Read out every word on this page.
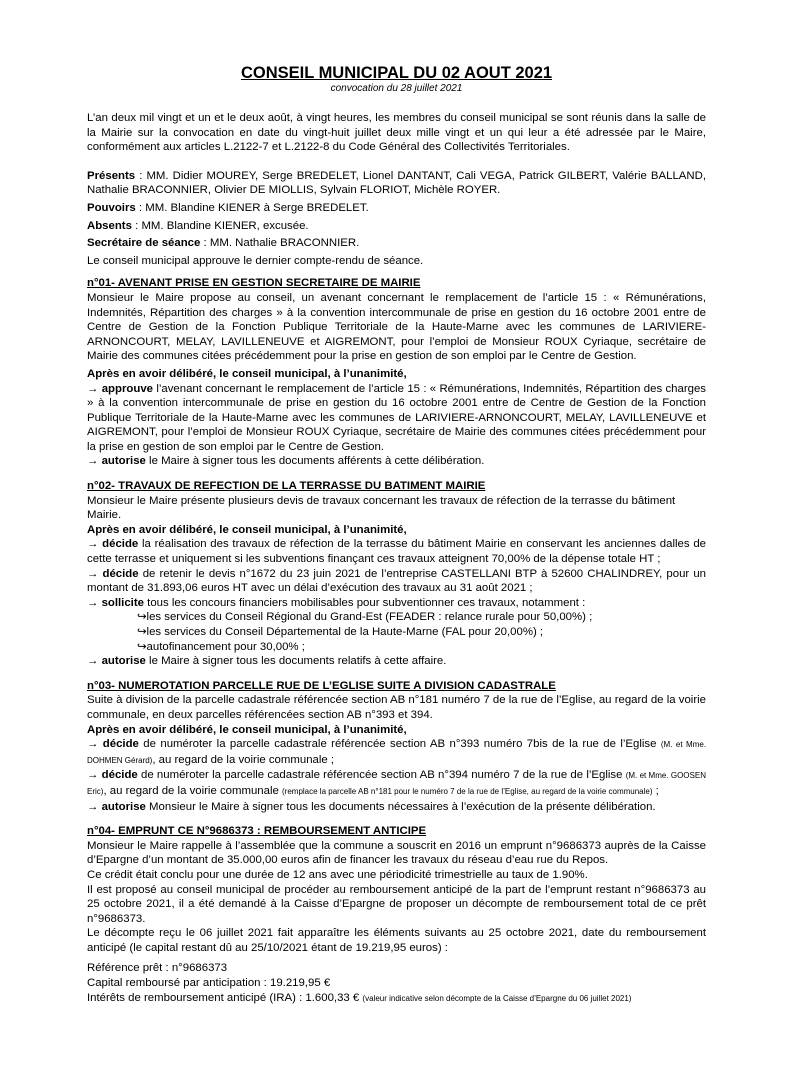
CONSEIL MUNICIPAL DU 02 AOUT 2021

convocation du 28 juillet 2021

L’an deux mil vingt et un et le deux août, à vingt heures, les membres du conseil municipal se sont réunis dans la salle de la Mairie sur la convocation en date du vingt-huit juillet deux mille vingt et un qui leur a été adressée par le Maire, conformément aux articles L.2122-7 et L.2122-8 du Code Général des Collectivités Territoriales.

Présents : MM. Didier MOUREY, Serge BREDELET, Lionel DANTANT, Cali VEGA, Patrick GILBERT, Valérie BALLAND, Nathalie BRACONNIER, Olivier DE MIOLLIS, Sylvain FLORIOT, Michèle ROYER.

Pouvoirs : MM. Blandine KIENER à Serge BREDELET.

Absents : MM. Blandine KIENER, excusée.

Secrétaire de séance : MM. Nathalie BRACONNIER.

Le conseil municipal approuve le dernier compte-rendu de séance.

n°01- AVENANT PRISE EN GESTION SECRETAIRE DE MAIRIE

Monsieur le Maire propose au conseil, un avenant concernant le remplacement de l’article 15 : « Rémunérations, Indemnités, Répartition des charges » à la convention intercommunale de prise en gestion du 16 octobre 2001 entre de Centre de Gestion de la Fonction Publique Territoriale de la Haute-Marne avec les communes de LARIVIERE-ARNONCOURT, MELAY, LAVILLENEUVE et AIGREMONT, pour l’emploi de Monsieur ROUX Cyriaque, secrétaire de Mairie des communes citées précédemment pour la prise en gestion de son emploi par le Centre de Gestion.

Après en avoir délibéré, le conseil municipal, à l’unanimité,

→ approuve l’avenant concernant le remplacement de l’article 15 : « Rémunérations, Indemnités, Répartition des charges » à la convention intercommunale de prise en gestion du 16 octobre 2001 entre de Centre de Gestion de la Fonction Publique Territoriale de la Haute-Marne avec les communes de LARIVIERE-ARNONCOURT, MELAY, LAVILLENEUVE et AIGREMONT, pour l’emploi de Monsieur ROUX Cyriaque, secrétaire de Mairie des communes citées précédemment pour la prise en gestion de son emploi par le Centre de Gestion.

→ autorise le Maire à signer tous les documents afférents à cette délibération.

n°02- TRAVAUX DE REFECTION DE LA TERRASSE DU BATIMENT MAIRIE

Monsieur le Maire présente plusieurs devis de travaux concernant les travaux de réfection de la terrasse du bâtiment Mairie.

Après en avoir délibéré, le conseil municipal, à l’unanimité,

→ décide la réalisation des travaux de réfection de la terrasse du bâtiment Mairie en conservant les anciennes dalles de cette terrasse et uniquement si les subventions finançant ces travaux atteignent 70,00% de la dépense totale HT ;

→ décide de retenir le devis n°1672 du 23 juin 2021 de l’entreprise CASTELLANI BTP à 52600 CHALINDREY, pour un montant de 31.893,06 euros HT avec un délai d’exécution des travaux au 31 août 2021 ;

→ sollicite tous les concours financiers mobilisables pour subventionner ces travaux, notamment :

↪les services du Conseil Régional du Grand-Est (FEADER : relance rurale pour 50,00%) ;

↪les services du Conseil Départemental de la Haute-Marne (FAL pour 20,00%) ;

↪autofinancement pour 30,00% ;

→ autorise le Maire à signer tous les documents relatifs à cette affaire.

n°03- NUMEROTATION PARCELLE RUE DE L’EGLISE SUITE A DIVISION CADASTRALE

Suite à division de la parcelle cadastrale référencée section AB n°181 numéro 7 de la rue de l’Eglise, au regard de la voirie communale, en deux parcelles référencées section AB n°393 et 394.

Après en avoir délibéré, le conseil municipal, à l’unanimité,

→ décide de numéroter la parcelle cadastrale référencée section AB n°393 numéro 7bis de la rue de l’Eglise (M. et Mme. DOHMEN Gérard), au regard de la voirie communale ;

→ décide de numéroter la parcelle cadastrale référencée section AB n°394 numéro 7 de la rue de l’Eglise (M. et Mme. GOOSEN Eric), au regard de la voirie communale (remplace la parcelle AB n°181 pour le numéro 7 de la rue de l’Eglise, au regard de la voirie communale) ;

→ autorise Monsieur le Maire à signer tous les documents nécessaires à l’exécution de la présente délibération.

n°04- EMPRUNT CE N°9686373 : REMBOURSEMENT ANTICIPE

Monsieur le Maire rappelle à l’assemblée que la commune a souscrit en 2016 un emprunt n°9686373 auprès de la Caisse d’Epargne d’un montant de 35.000,00 euros afin de financer les travaux du réseau d’eau rue du Repos.

Ce crédit était conclu pour une durée de 12 ans avec une périodicité trimestrielle au taux de 1.90%.

Il est proposé au conseil municipal de procéder au remboursement anticipé de la part de l’emprunt restant n°9686373 au 25 octobre 2021, il a été demandé à la Caisse d’Epargne de proposer un décompte de remboursement total de ce prêt n°9686373.

Le décompte reçu le 06 juillet 2021 fait apparaître les éléments suivants au 25 octobre 2021, date du remboursement anticipé (le capital restant dû au 25/10/2021 étant de 19.219,95 euros) :

Référence prêt : n°9686373

Capital remboursé par anticipation : 19.219,95 €

Intérêts de remboursement anticipé (IRA) : 1.600,33 € (valeur indicative selon décompte de la Caisse d’Epargne du 06 juillet 2021)
